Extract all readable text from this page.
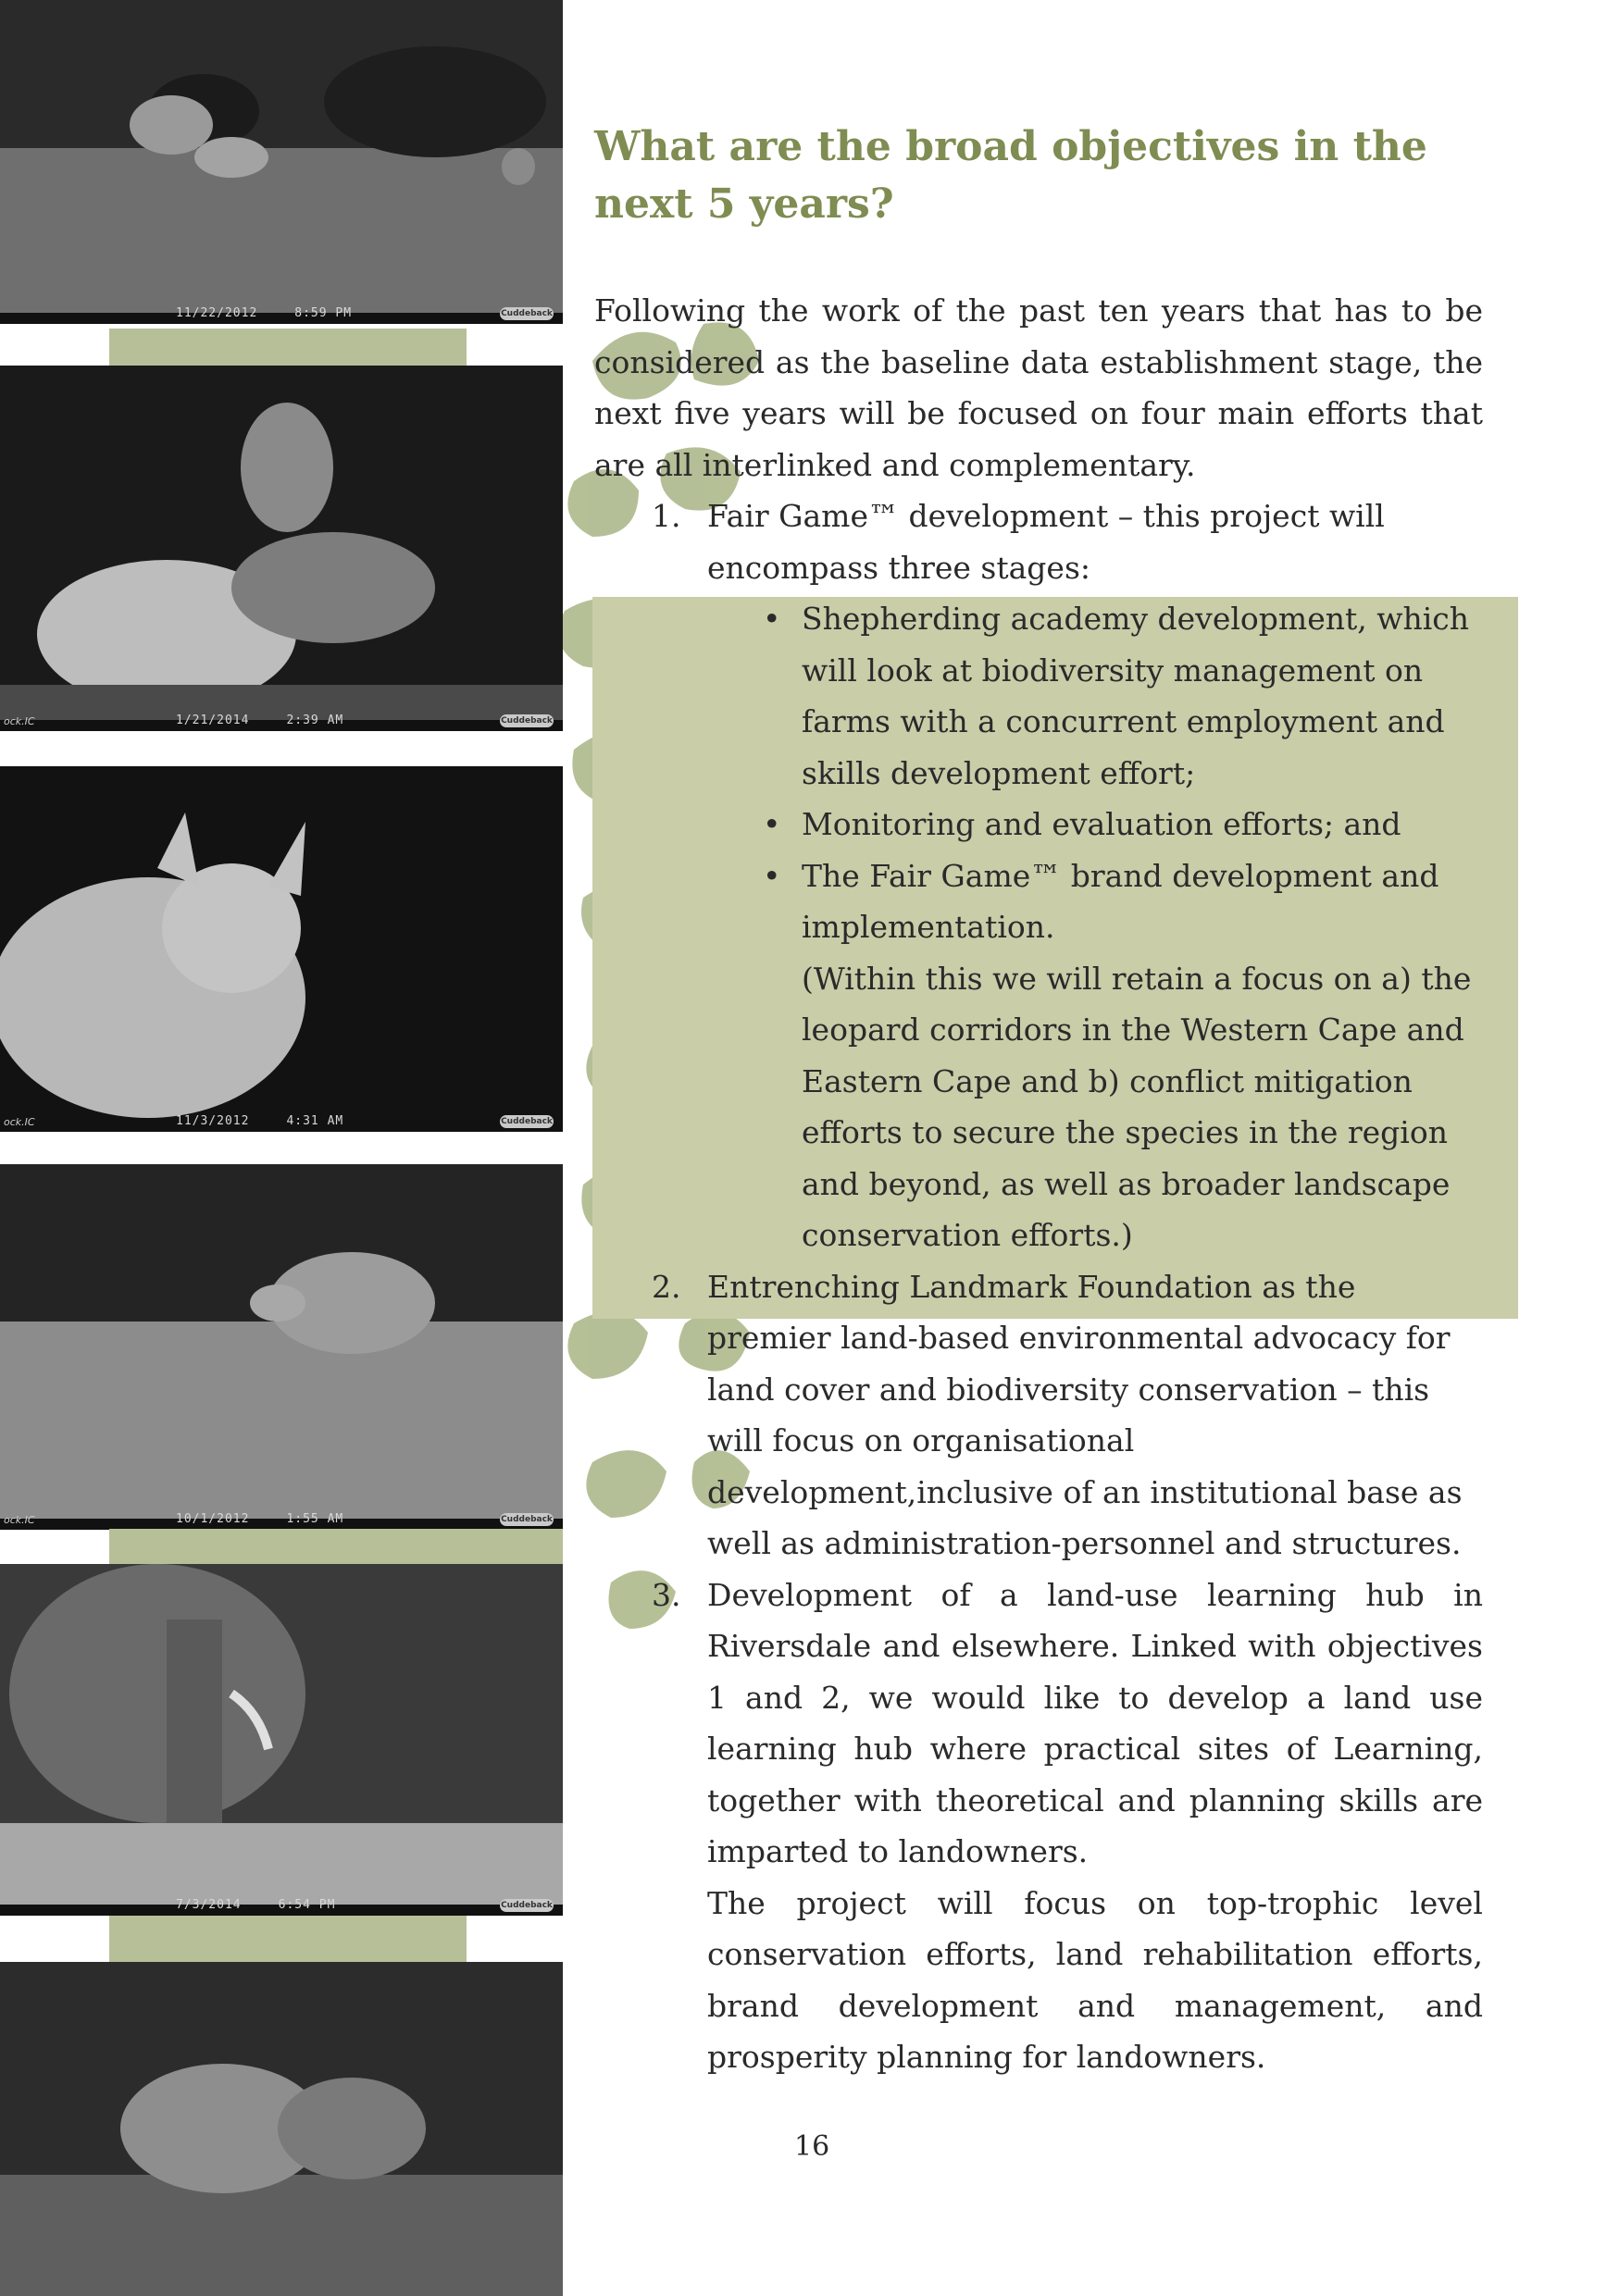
11/22/2012	8:59 PM	Cuddeback
ock.IC	1/21/2014	2:39 AM	Cuddeback
ock.IC	11/3/2012	4:31 AM	Cuddeback
ock.IC	10/1/2012	1:55 AM	Cuddeback
7/3/2014	6:54 PM	Cuddeback
What are the broad objectives in the next 5 years?

Following the work of the past ten years that has to be considered as the baseline data establishment stage, the next five years will be focused on four main efforts that are all interlinked and complementary.

1. Fair Game™ development – this project will encompass three stages:
• Shepherding academy development, which will look at biodiversity management on farms with a concurrent employment and skills development effort;
• Monitoring and evaluation efforts; and
• The Fair Game™ brand development and implementation.
(Within this we will retain a focus on a) the leopard corridors in the Western Cape and Eastern Cape and b) conflict mitigation efforts to secure the species in the region and beyond, as well as broader landscape conservation efforts.)
2. Entrenching Landmark Foundation as the premier land-based environmental advocacy for land cover and biodiversity conservation – this will focus on organisational development,inclusive of an institutional base as well as administration-personnel and structures.
3. Development of a land-use learning hub in Riversdale and elsewhere. Linked with objectives 1 and 2, we would like to develop a land use learning hub where practical sites of Learning, together with theoretical and planning skills are imparted to landowners.
The project will focus on top-trophic level conservation efforts, land rehabilitation efforts, brand development and management, and prosperity planning for landowners.
16
